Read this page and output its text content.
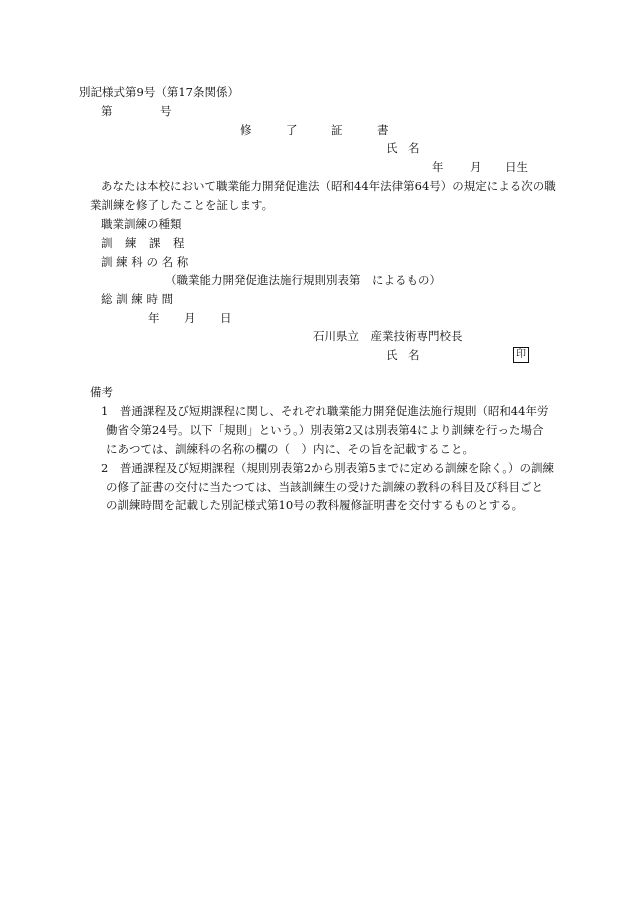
別記様式第9号（第17条関係）
第	号
修	了	証	書
氏 名
年 月 日生
あなたは本校において職業能力開発促進法（昭和44年法律第64号）の規定による次の職
業訓練を修了したことを証します。
職業訓練の種類
訓 練 課 程
訓 練 科 の 名 称
（職業能力開発促進法施行規則別表第　によるもの）
総 訓 練 時 間
年 月 日
石川県立　産業技術専門校長
氏 名	印
備考
1　普通課程及び短期課程に関し、それぞれ職業能力開発促進法施行規則（昭和44年労
働省令第24号。以下「規則」という。）別表第2又は別表第4により訓練を行った場合
にあつては、訓練科の名称の欄の（　）内に、その旨を記載すること。
2　普通課程及び短期課程（規則別表第2から別表第5までに定める訓練を除く。）の訓練
の修了証書の交付に当たつては、当該訓練生の受けた訓練の教科の科目及び科目ごと
の訓練時間を記載した別記様式第10号の教科履修証明書を交付するものとする。
